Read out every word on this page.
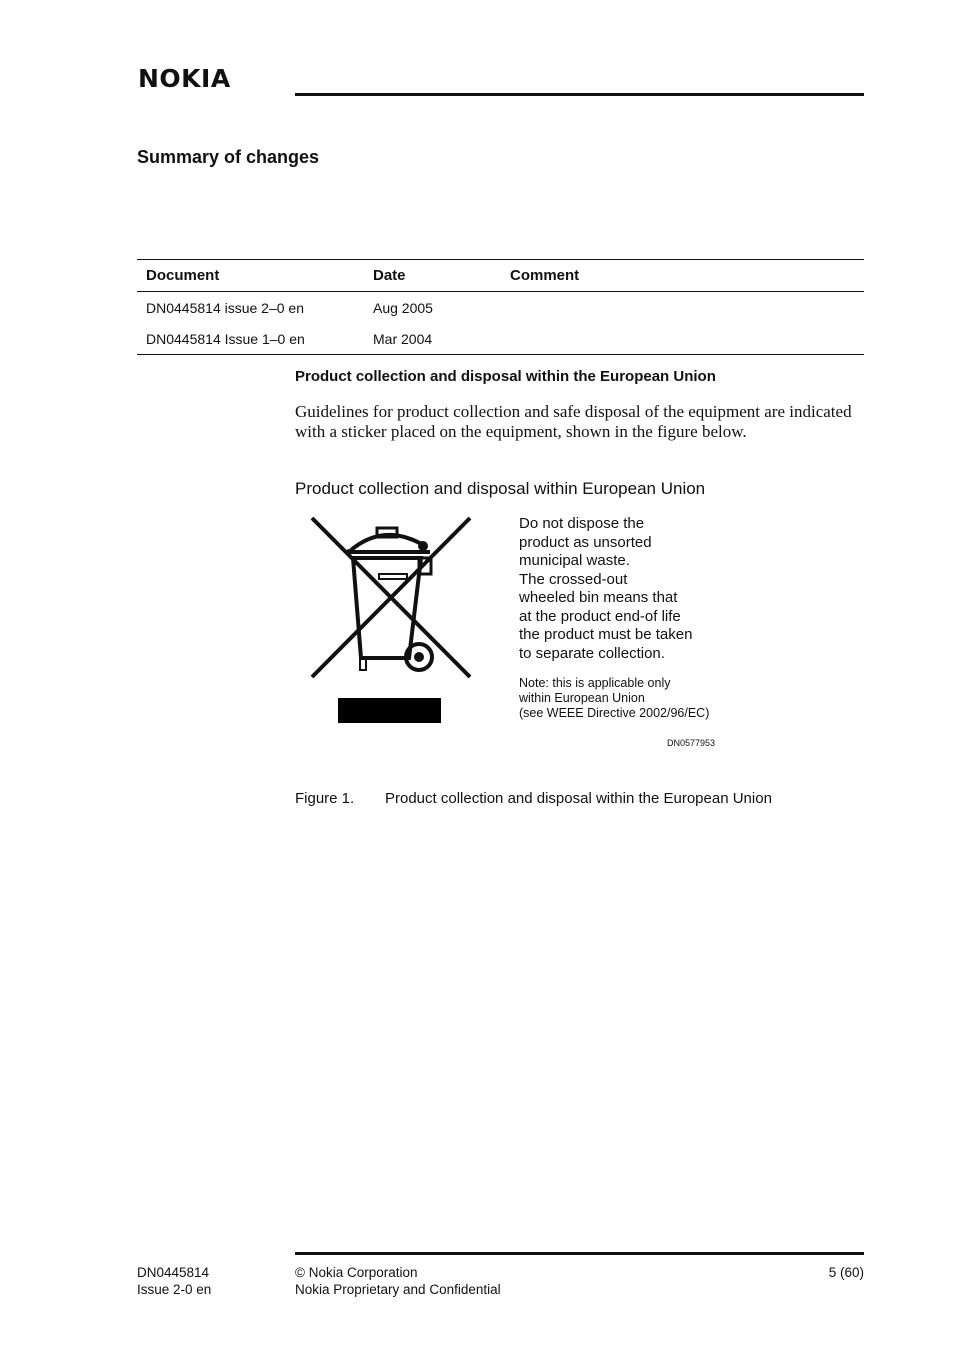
NOKIA
Summary of changes
Document	Date	Comment
DN0445814 issue 2–0 en	Aug 2005	
DN0445814 Issue 1–0 en	Mar 2004	
Product collection and disposal within the European Union
Guidelines for product collection and safe disposal of the equipment are indicated with a sticker placed on the equipment, shown in the figure below.
Product collection and disposal within European Union
Do not dispose the
product as unsorted
municipal waste.
The crossed-out
wheeled bin means that
at the product end-of life
the product must be taken
to separate collection.
Note: this is applicable only
within European Union
(see WEEE Directive 2002/96/EC)
DN0577953
Figure 1. Product collection and disposal within the European Union
DN0445814
Issue 2-0 en
© Nokia Corporation
Nokia Proprietary and Confidential
5 (60)
